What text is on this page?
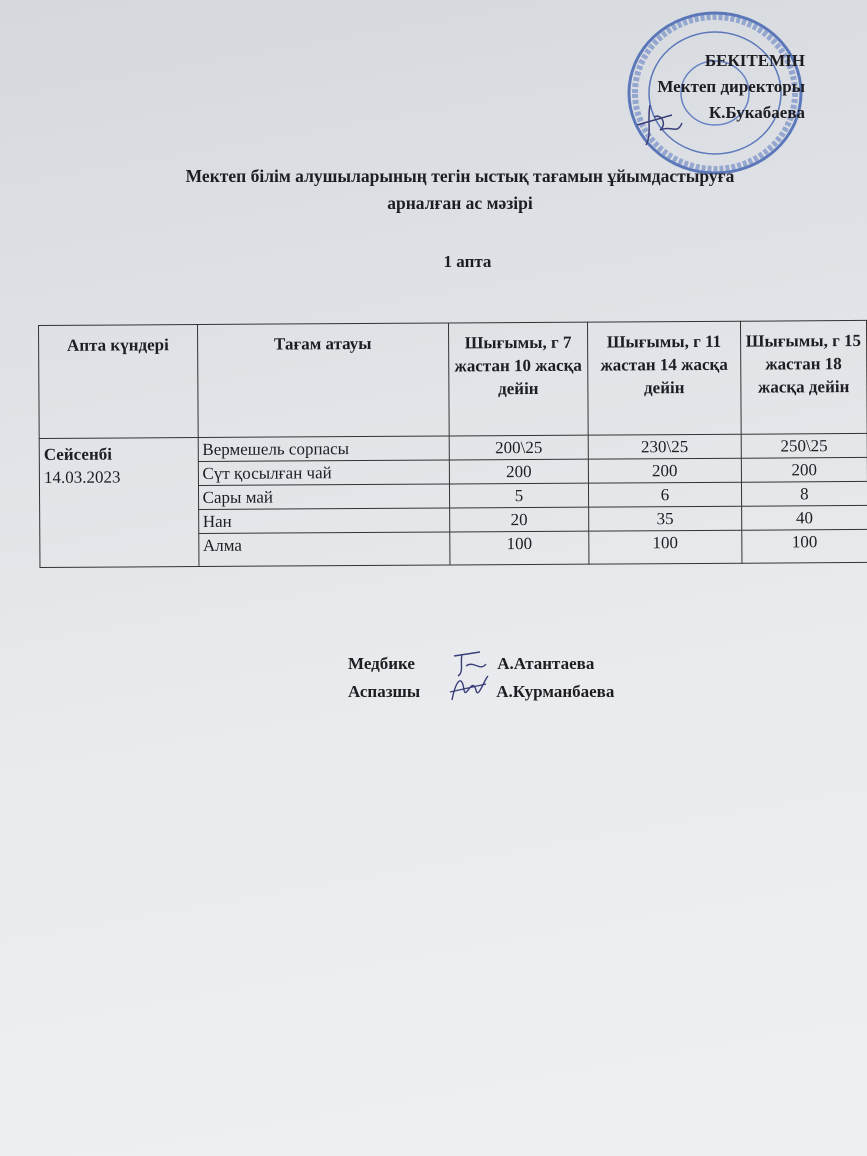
БЕКІТЕМІН
Мектеп директоры
К.Букабаева
Мектеп білім алушыларының тегін ыстық тағамын ұйымдастыруға
арналған ас мәзірі
1 апта
Апта күндері	Тағам атауы	Шығымы, г 7 жастан 10 жасқа дейін	Шығымы, г 11 жастан 14 жасқа дейін	Шығымы, г 15 жастан 18 жасқа дейін
Сейсенбі
14.03.2023	Вермешель сорпасы	200\25	230\25	250\25
	Сүт қосылған чай	200	200	200
	Сары май	5	6	8
	Нан	20	35	40
	Алма	100	100	100
Медбике	А.Атантаева
Аспазшы	А.Курманбаева
